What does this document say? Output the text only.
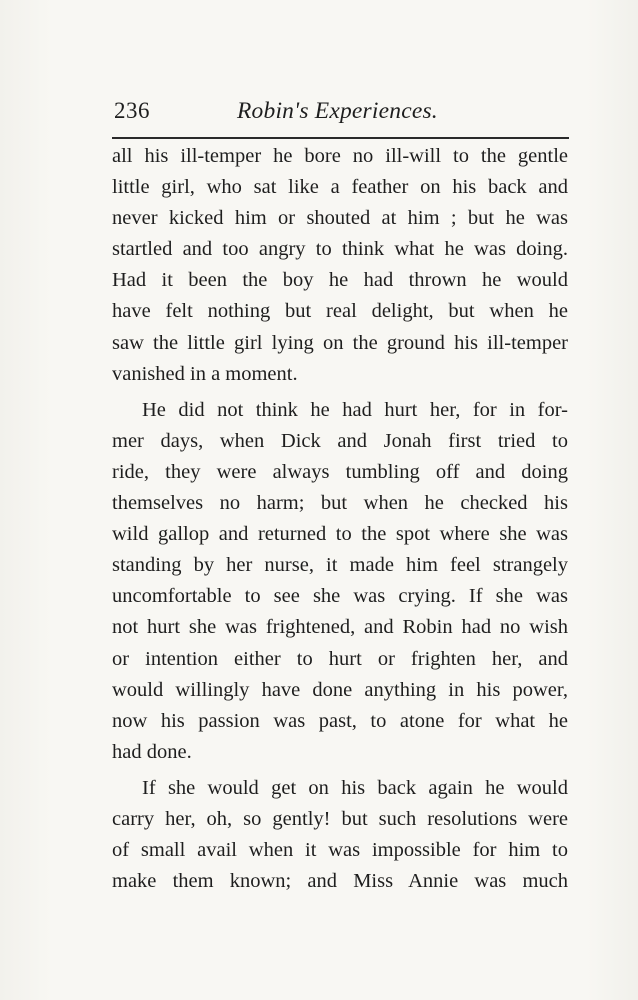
236	Robin's Experiences.

all his ill-temper he bore no ill-will to the gentle
little girl, who sat like a feather on his back and
never kicked him or shouted at him ; but he was
startled and too angry to think what he was doing.
Had it been the boy he had thrown he would
have felt nothing but real delight, but when he
saw the little girl lying on the ground his ill-temper
vanished in a moment.

He did not think he had hurt her, for in for-
mer days, when Dick and Jonah first tried to
ride, they were always tumbling off and doing
themselves no harm; but when he checked his
wild gallop and returned to the spot where she was
standing by her nurse, it made him feel strangely
uncomfortable to see she was crying. If she was
not hurt she was frightened, and Robin had no wish
or intention either to hurt or frighten her, and
would willingly have done anything in his power,
now his passion was past, to atone for what he
had done.

If she would get on his back again he would
carry her, oh, so gently! but such resolutions were
of small avail when it was impossible for him to
make them known; and Miss Annie was much
